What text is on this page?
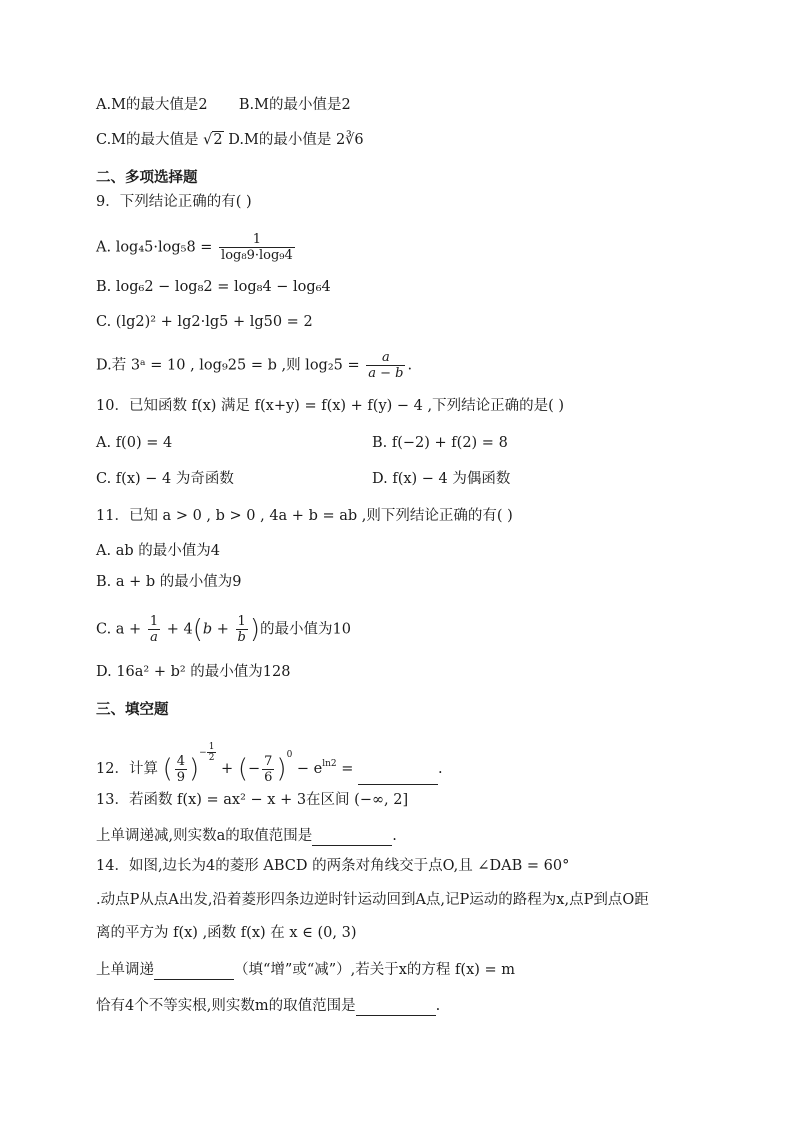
A.M的最大值是2 B.M的最小值是2
C.M的最大值是 √2 D.M的最小值是 2∛6
二、多项选择题
9．下列结论正确的有( )
A. $\log_45\cdot\log_58 = \frac{1}{\text{log₈9·log₉4}}$
B. log₆2 − log₈2 = log₈4 − log₆4
C. (lg2)² + lg2·lg5 + lg50 = 2
D.若 3ᵃ = 10 , log₉25 = b ,则 $\log_25 = \frac{a}{a - b}$ .
10．已知函数 f(x) 满足 f(x+y) = f(x) + f(y) − 4 ,下列结论正确的是( )
A. f(0) = 4	B. f(−2) + f(2) = 8
C. f(x) − 4 为奇函数	D. f(x) − 4 为偶函数
11．已知 a > 0 , b > 0 , 4a + b = ab ,则下列结论正确的有( )
A. ab 的最小值为4
B. a + b 的最小值为9
C. $a + \frac{1}{a} + 4(b + \frac{1}{b}$ )的最小值为10
D. 16a² + b² 的最小值为128
三、填空题
12．计算 ( $\frac{4}{9}$ )− $\frac{1}{2}$
+ (− $\frac{7}{6} )0 - e^{ln2}$ =	.
13．若函数 f(x) = ax² − x + 3在区间 (−∞, 2]
上单调递减,则实数a的取值范围是	.
14．如图,边长为4的菱形 ABCD 的两条对角线交于点O,且 ∠DAB = 60°
.动点P从点A出发,沿着菱形四条边逆时针运动回到A点,记P运动的路程为x,点P到点O距
离的平方为 f(x) ,函数 f(x) 在 x ∈ (0, 3)
上单调递	（填“增”或“减”）,若关于x的方程 f(x) = m
恰有4个不等实根,则实数m的取值范围是	.
